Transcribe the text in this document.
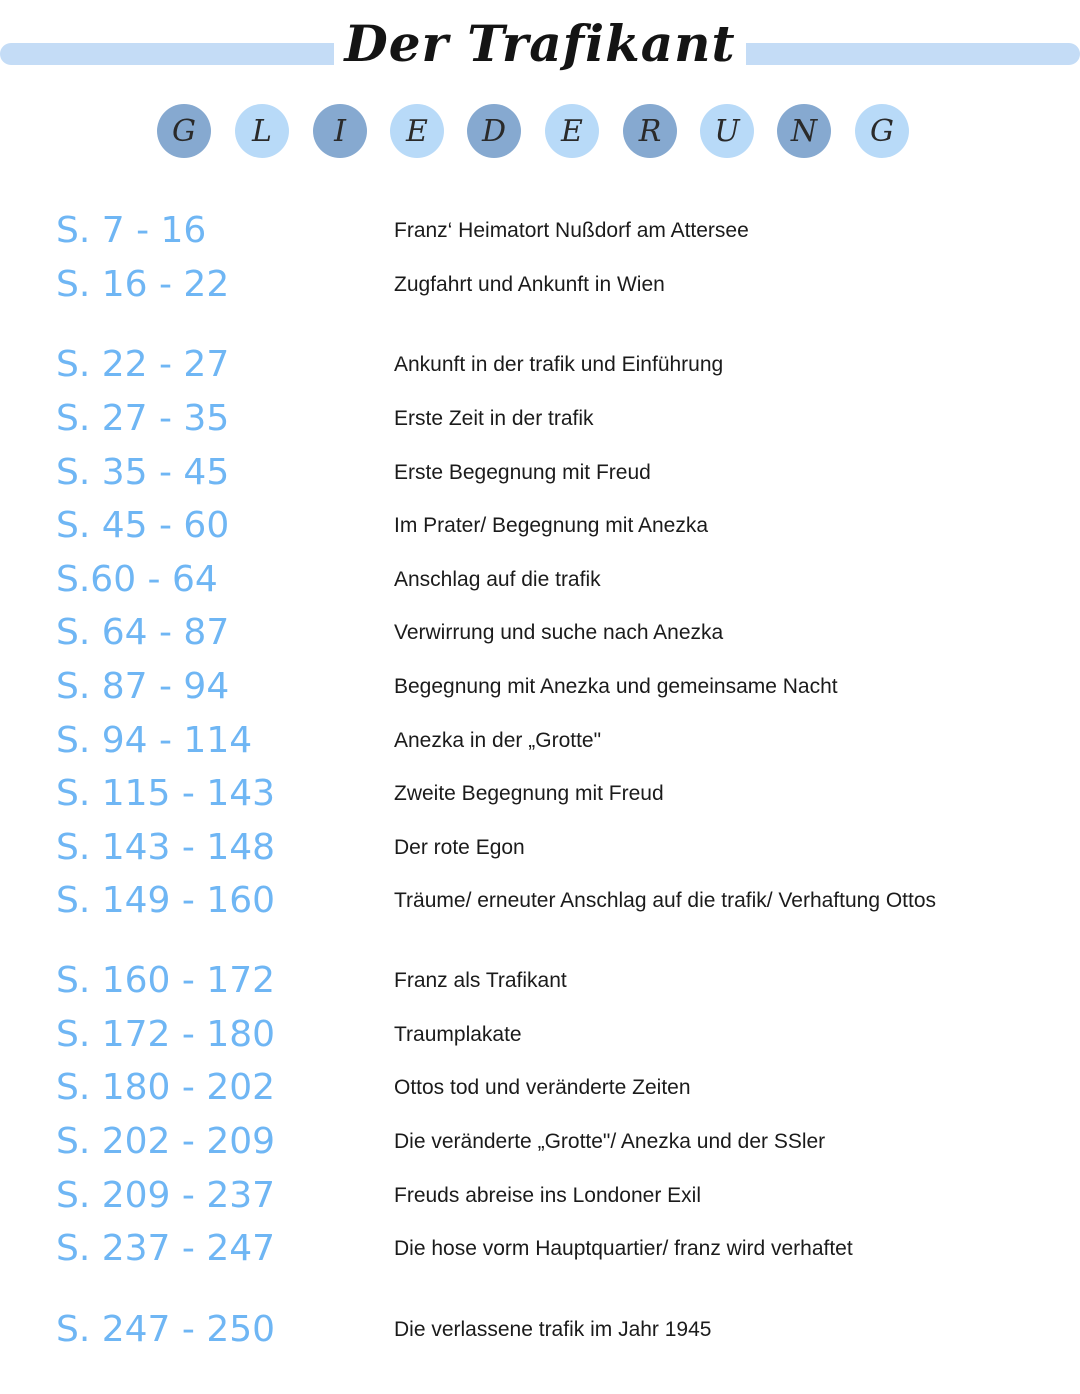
Der Trafikant
G L I E D E R U N G
S. 7 - 16	Franz‘ Heimatort Nußdorf am Attersee
S. 16 - 22	Zugfahrt und Ankunft in Wien
S. 22 - 27	Ankunft in der trafik und Einführung
S. 27 - 35	Erste Zeit in der trafik
S. 35 - 45	Erste Begegnung mit Freud
S. 45 - 60	Im Prater/ Begegnung mit Anezka
S.60 - 64	Anschlag auf die trafik
S. 64 - 87	Verwirrung und suche nach Anezka
S. 87 - 94	Begegnung mit Anezka und gemeinsame Nacht
S. 94 - 114	Anezka in der „Grotte"
S. 115 - 143	Zweite Begegnung mit Freud
S. 143 - 148	Der rote Egon
S. 149 - 160	Träume/ erneuter Anschlag auf die trafik/ Verhaftung Ottos
S. 160 - 172	Franz als Trafikant
S. 172 - 180	Traumplakate
S. 180 - 202	Ottos tod und veränderte Zeiten
S. 202 - 209	Die veränderte „Grotte"/ Anezka und der SSler
S. 209 - 237	Freuds abreise ins Londoner Exil
S. 237 - 247	Die hose vorm Hauptquartier/ franz wird verhaftet
S. 247 - 250	Die verlassene trafik im Jahr 1945
